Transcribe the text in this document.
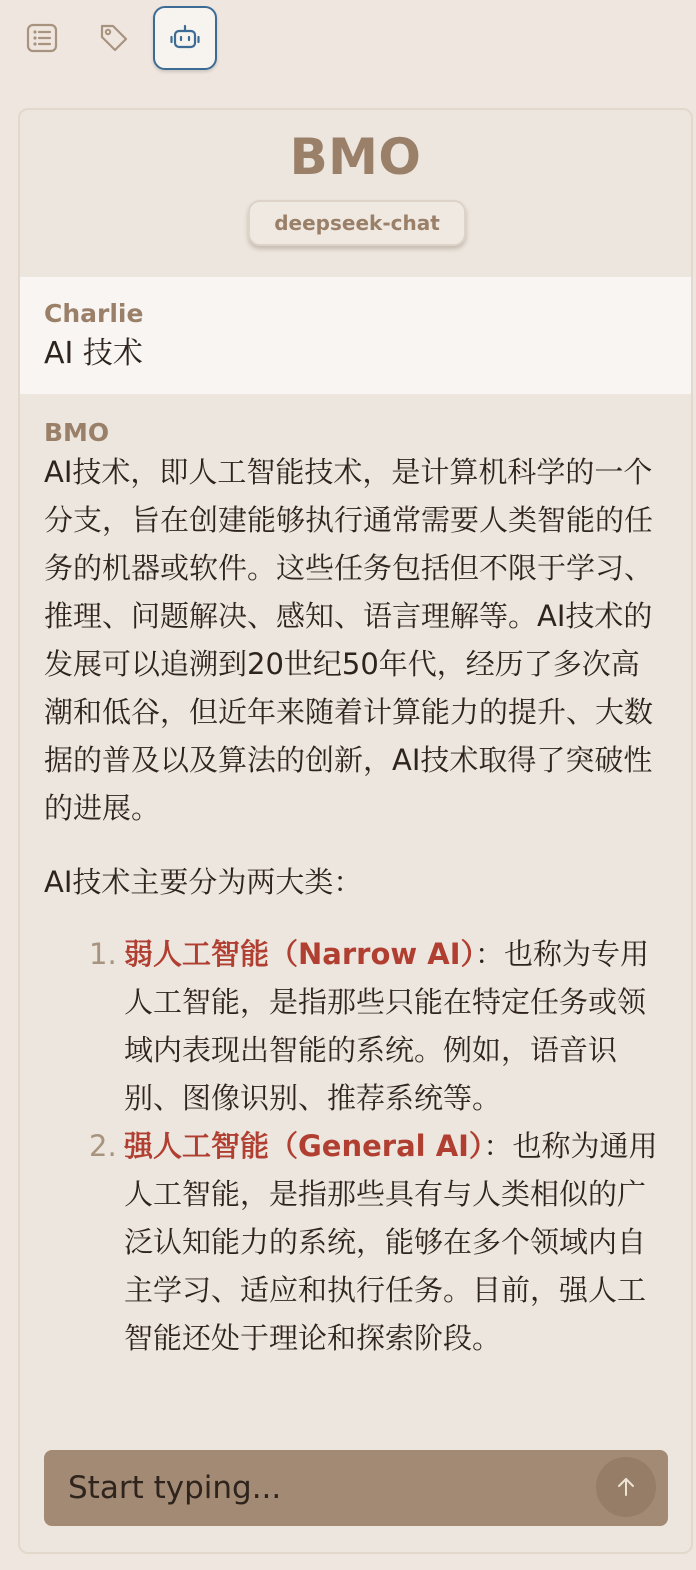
BMO
deepseek-chat
Charlie
AI 技术
BMO

AI技术，即人工智能技术，是计算机科学的一个分支，旨在创建能够执行通常需要人类智能的任务的机器或软件。这些任务包括但不限于学习、推理、问题解决、感知、语言理解等。AI技术的发展可以追溯到20世纪50年代，经历了多次高潮和低谷，但近年来随着计算能力的提升、大数据的普及以及算法的创新，AI技术取得了突破性的进展。

AI技术主要分为两大类：

1. 弱人工智能（Narrow AI）：也称为专用人工智能，是指那些只能在特定任务或领域内表现出智能的系统。例如，语音识别、图像识别、推荐系统等。
2. 强人工智能（General AI）：也称为通用人工智能，是指那些具有与人类相似的广泛认知能力的系统，能够在多个领域内自主学习、适应和执行任务。目前，强人工智能还处于理论和探索阶段。
Start typing...
